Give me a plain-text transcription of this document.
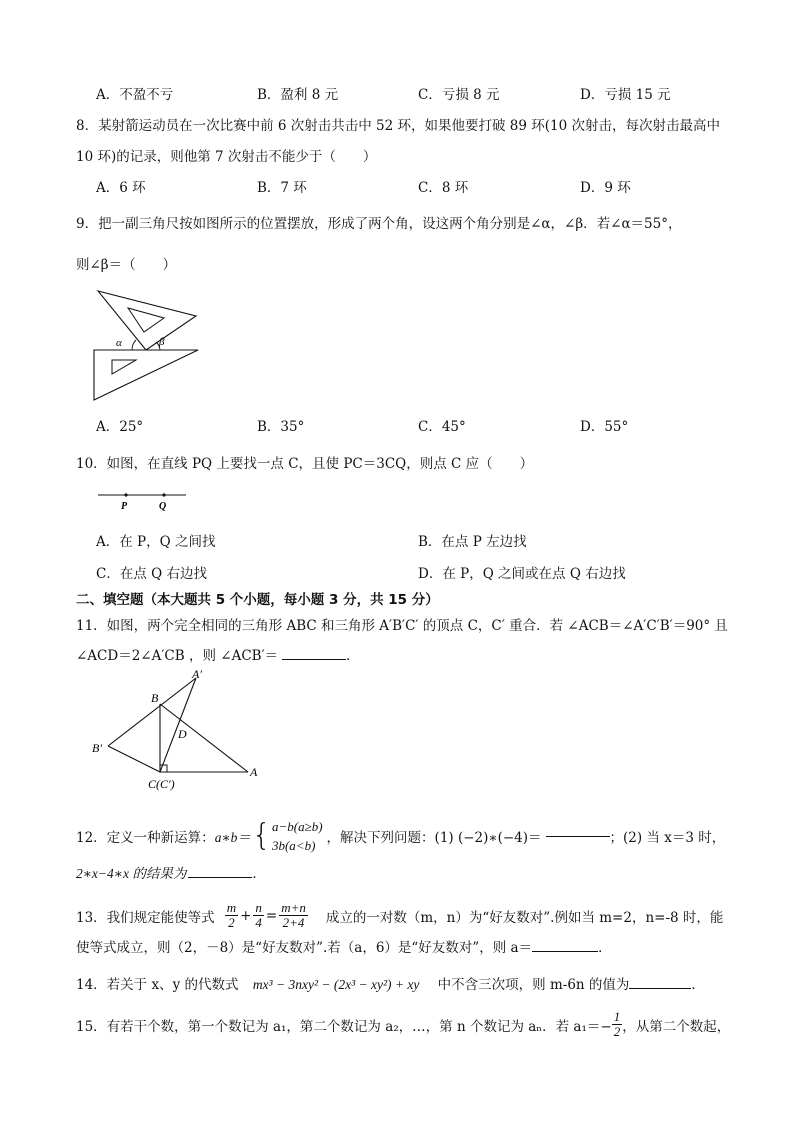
A．不盈不亏	B．盈利 8 元	C．亏损 8 元	D．亏损 15 元
8．某射箭运动员在一次比赛中前 6 次射击共击中 52 环，如果他要打破 89 环(10 次射击，每次射击最高中
10 环)的记录，则他第 7 次射击不能少于（　　）
A．6 环	B．7 环	C．8 环	D．9 环
9．把一副三角尺按如图所示的位置摆放，形成了两个角，设这两个角分别是∠α，∠β．若∠α＝55°，
则∠β＝（　　）
α	β
A．25°	B．35°	C．45°	D．55°
10．如图，在直线 PQ 上要找一点 C，且使 PC＝3CQ，则点 C 应（　　）
P	Q
A．在 P，Q 之间找	B．在点 P 左边找
C．在点 Q 右边找	D．在 P，Q 之间或在点 Q 右边找
二、填空题（本大题共 5 个小题，每小题 3 分，共 15 分）
11．如图，两个完全相同的三角形 ABC 和三角形 A′B′C′ 的顶点 C，C′ 重合．若 ∠ACB＝∠A′C′B′＝90° 且
∠ACD＝2∠A′CB ，则 ∠ACB′＝	．
A′
B
D
B′
C(C′)
A
12．定义一种新运算： a∗b＝ { a−b(a≥b)
3b(a<b) ，解决下列问题：(1) (−2)∗(−4)＝	；(2) 当 x＝3 时，
2∗x−4∗x 的结果为	．
13．我们规定能使等式 $\frac{m}{2} + \frac{n}{4} = \frac{m+n}{2+4}$ 成立的一对数（m，n）为“好友数对”.例如当 m=2，n=-8 时，能
使等式成立，则（2，－8）是“好友数对”.若（a，6）是“好友数对”，则 a＝	．
14．若关于 x、y 的代数式 mx³ − 3nxy² − (2x³ − xy²) + xy 中不含三次项，则 m-6n 的值为	．
15．有若干个数，第一个数记为 a₁，第二个数记为 a₂，…，第 n 个数记为 aₙ．若 $a_1=- \frac{1}{2}$ ，从第二个数起，
